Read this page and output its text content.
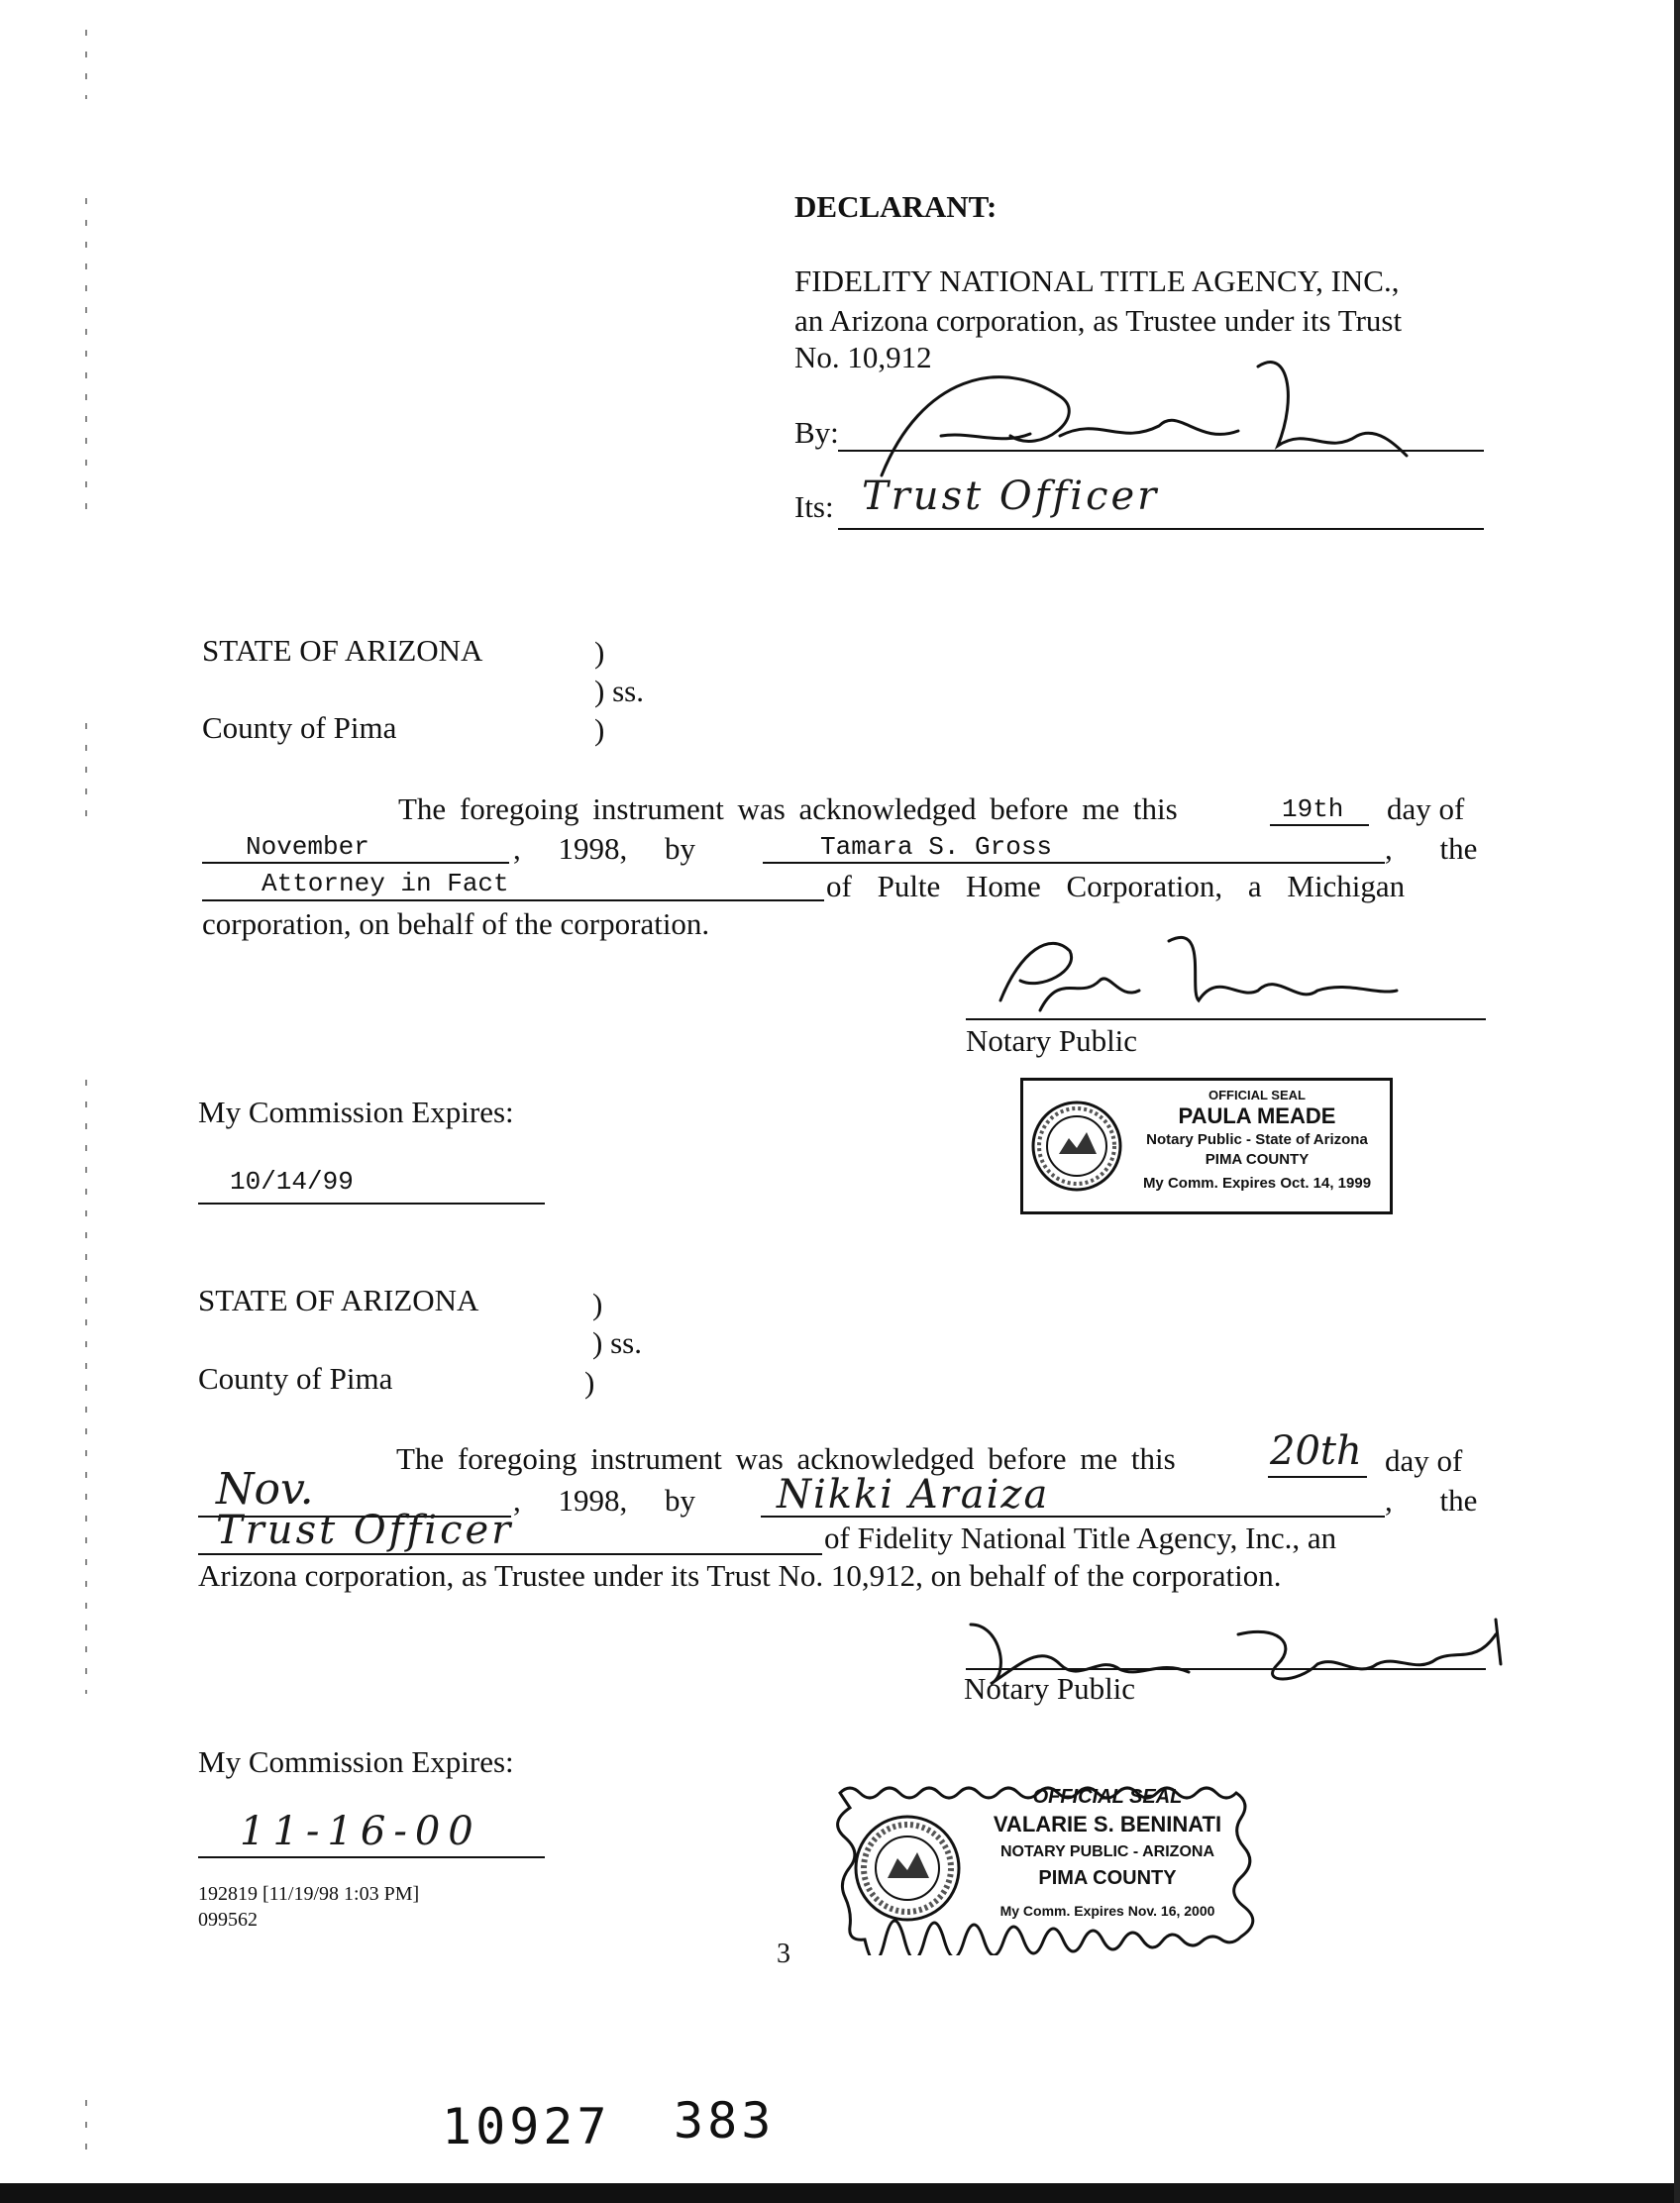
DECLARANT:
FIDELITY NATIONAL TITLE AGENCY, INC.,
an Arizona corporation, as Trustee under its Trust
No. 10,912
By:
Its: Trust Officer
STATE OF ARIZONA	)
) ss.
)
County of Pima
The foregoing instrument was acknowledged before me this	19th day of
November	, 1998, by	Tamara S. Gross	, the
Attorney in Fact	of Pulte Home Corporation, a Michigan
corporation, on behalf of the corporation.
Notary Public
My Commission Expires:
10/14/99
OFFICIAL SEAL
PAULA MEADE
Notary Public - State of Arizona
PIMA COUNTY
My Comm. Expires Oct. 14, 1999
STATE OF ARIZONA	)
) ss.
)
County of Pima
The foregoing instrument was acknowledged before me this 20th day of
Nov.	, 1998, by Nikki Araiza	, the
Trust Officer	of Fidelity National Title Agency, Inc., an
Arizona corporation, as Trustee under its Trust No. 10,912, on behalf of the corporation.
Notary Public
My Commission Expires:
11-16-00
OFFICIAL SEAL
VALARIE S. BENINATI
NOTARY PUBLIC - ARIZONA
PIMA COUNTY
My Comm. Expires Nov. 16, 2000
192819 [11/19/98 1:03 PM]
099562
3
10927 383
